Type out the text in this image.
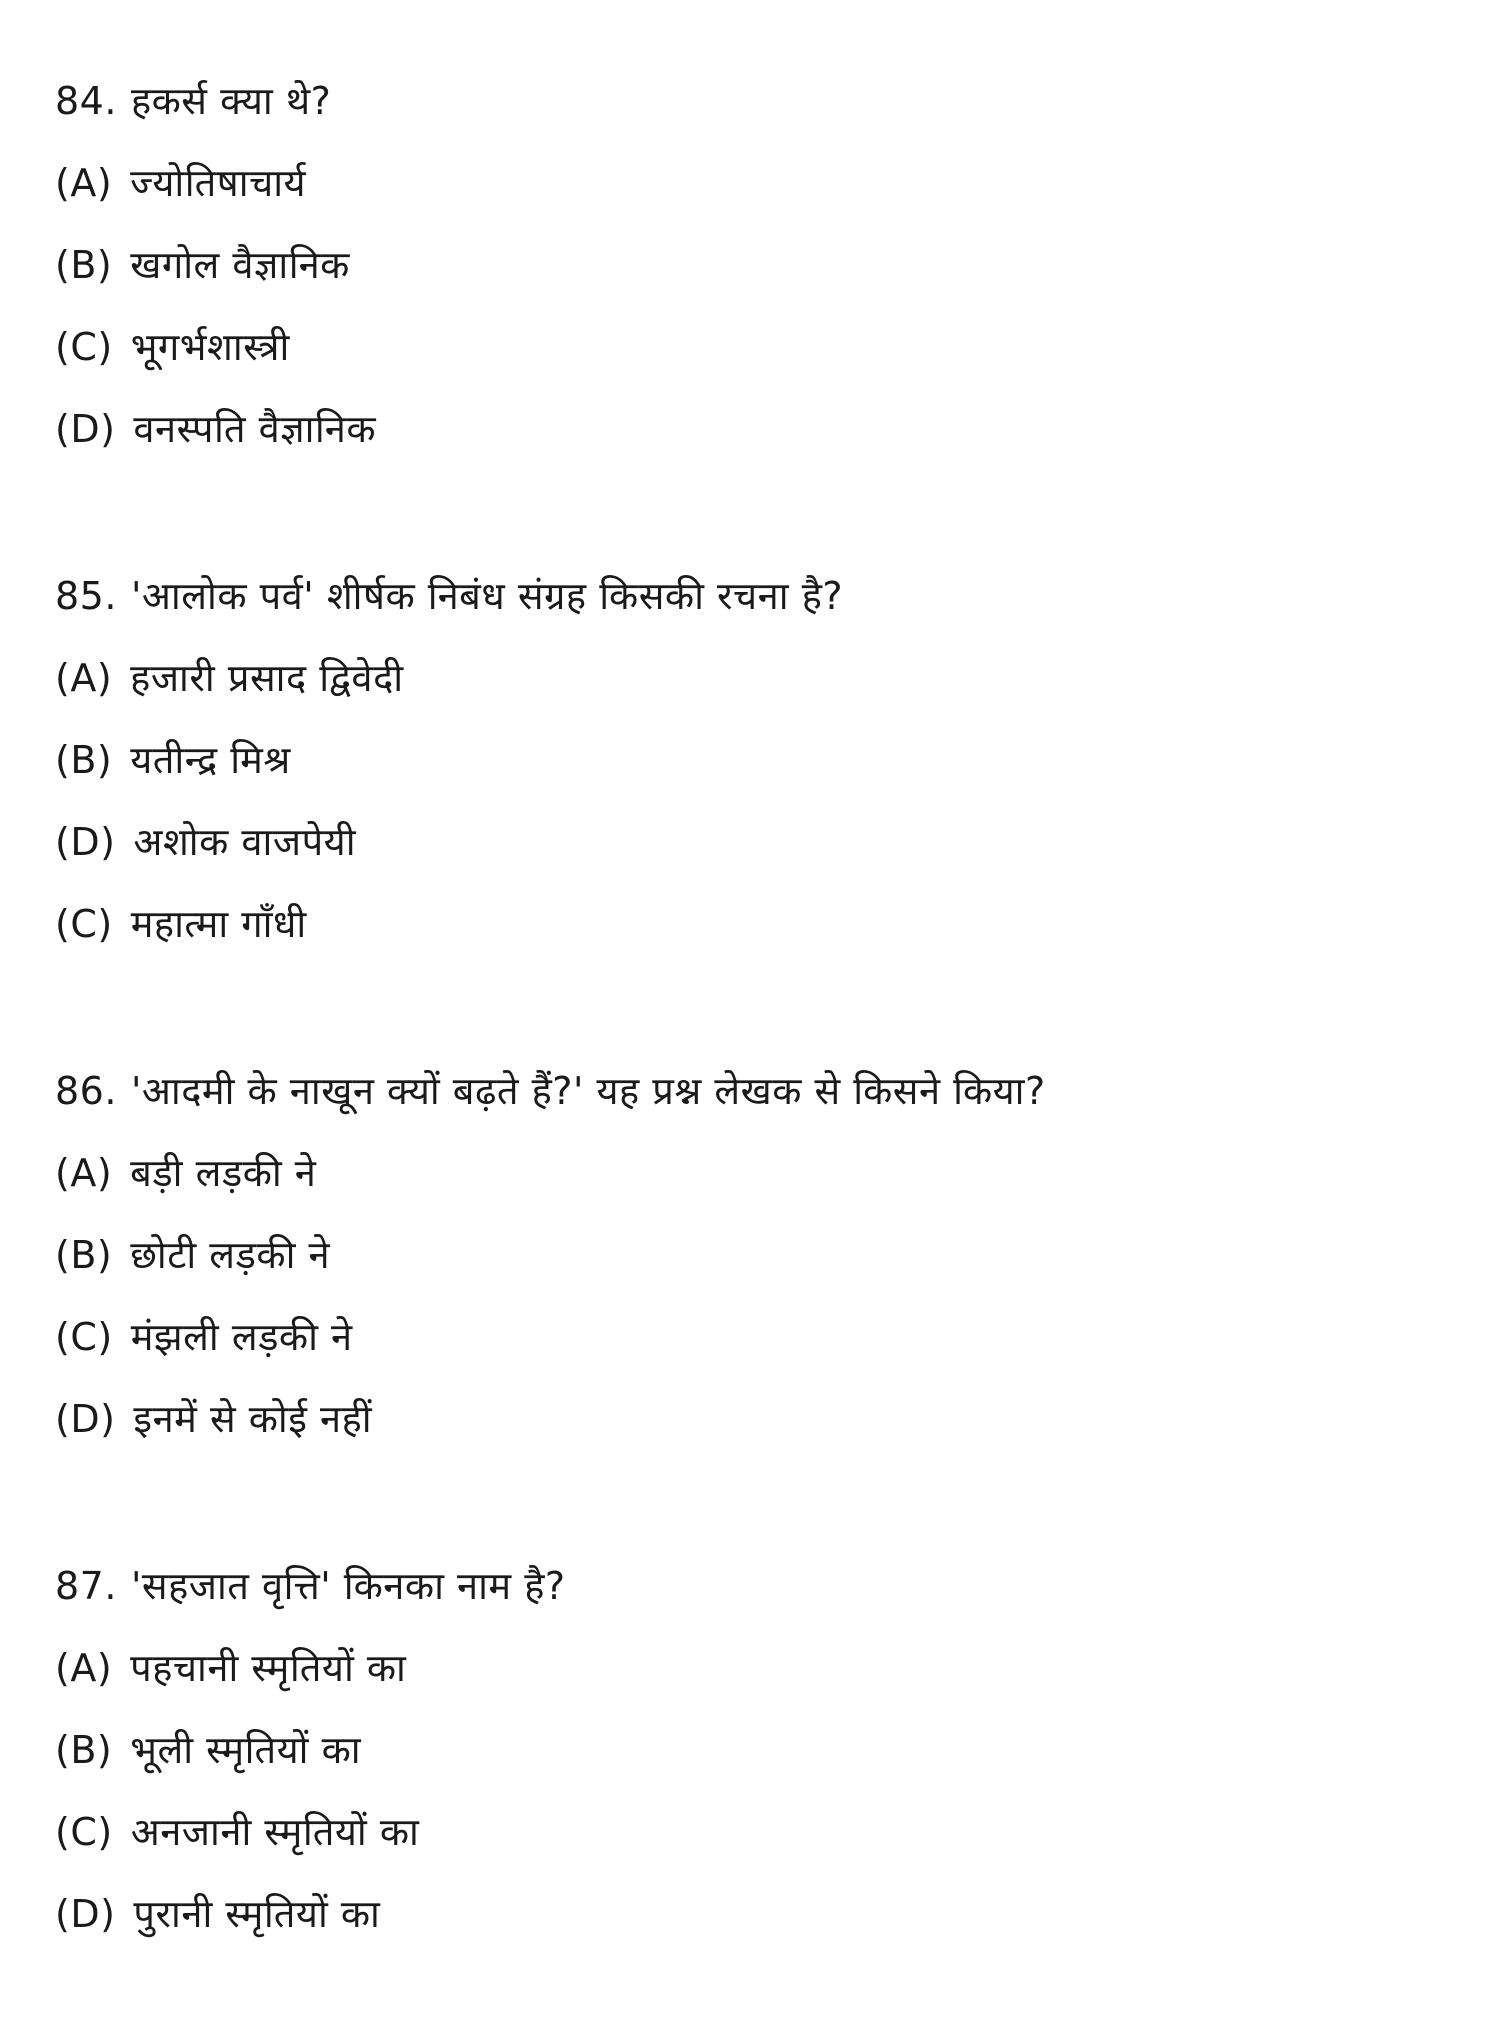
84. हकर्स क्या थे?
(A) ज्योतिषाचार्य
(B) खगोल वैज्ञानिक
(C) भूगर्भशास्त्री
(D) वनस्पति वैज्ञानिक
85. 'आलोक पर्व' शीर्षक निबंध संग्रह किसकी रचना है?
(A) हजारी प्रसाद द्विवेदी
(B) यतीन्द्र मिश्र
(D) अशोक वाजपेयी
(C) महात्मा गाँधी
86. 'आदमी के नाखून क्यों बढ़ते हैं?' यह प्रश्न लेखक से किसने किया?
(A) बड़ी लड़की ने
(B) छोटी लड़की ने
(C) मंझली लड़की ने
(D) इनमें से कोई नहीं
87. 'सहजात वृत्ति' किनका नाम है?
(A) पहचानी स्मृतियों का
(B) भूली स्मृतियों का
(C) अनजानी स्मृतियों का
(D) पुरानी स्मृतियों का
